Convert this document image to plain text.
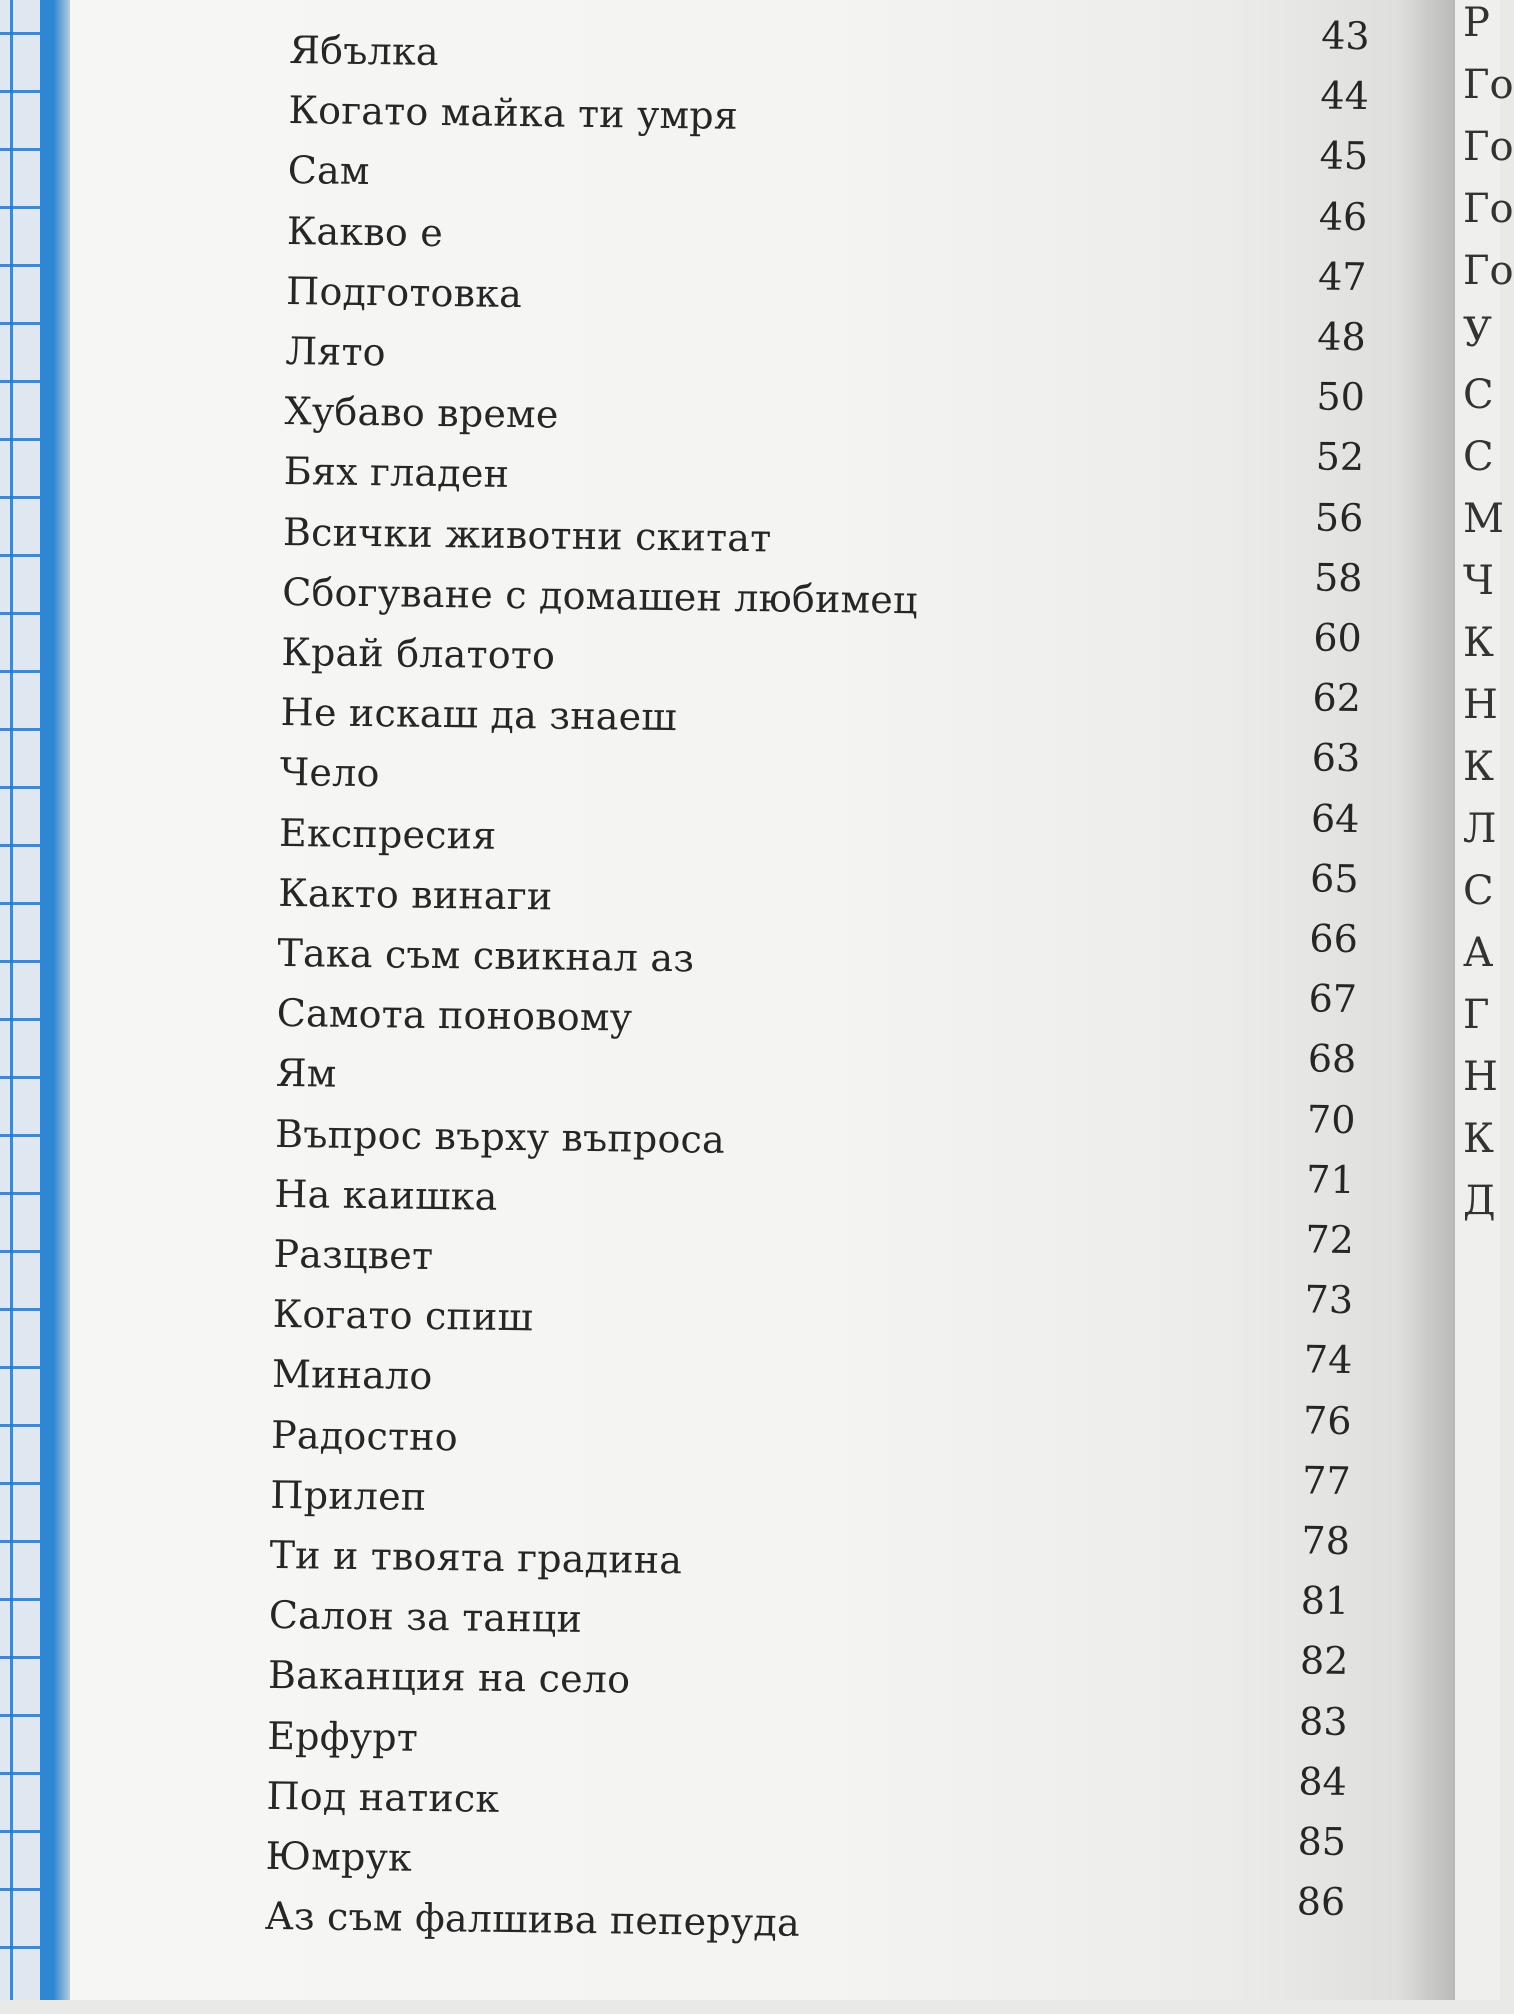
Ябълка	43
Когато майка ти умря	44
Сам	45
Какво е	46
Подготовка	47
Лято	48
Хубаво време	50
Бях гладен	52
Всички животни скитат	56
Сбогуване с домашен любимец	58
Край блатото	60
Не искаш да знаеш	62
Чело	63
Експресия	64
Както винаги	65
Така съм свикнал аз	66
Самота поновому	67
Ям	68
Въпрос върху въпроса	70
На каишка	71
Разцвет	72
Когато спиш	73
Минало	74
Радостно	76
Прилеп	77
Ти и твоята градина	78
Салон за танци	81
Ваканция на село	82
Ерфурт	83
Под натиск	84
Юмрук	85
Аз съм фалшива пеперуда	86
Р
Го
Го
Го
Го
У
С
С
М
Ч
К
Н
К
Л
С
А
Г
Н
К
Д
